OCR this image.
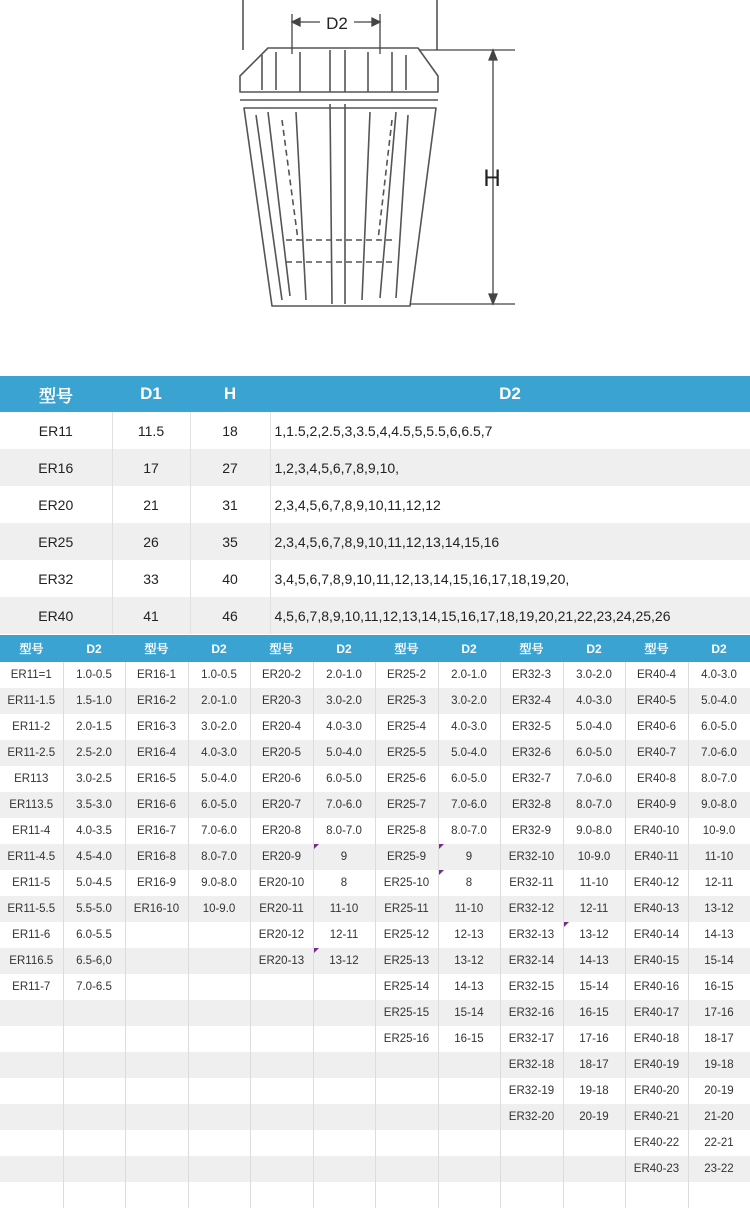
D2
H
型号	D1	H	D2
ER11	11.5	18	1,1.5,2,2.5,3,3.5,4,4.5,5,5.5,6,6.5,7
ER16	17	27	1,2,3,4,5,6,7,8,9,10,
ER20	21	31	2,3,4,5,6,7,8,9,10,11,12,12
ER25	26	35	2,3,4,5,6,7,8,9,10,11,12,13,14,15,16
ER32	33	40	3,4,5,6,7,8,9,10,11,12,13,14,15,16,17,18,19,20,
ER40	41	46	4,5,6,7,8,9,10,11,12,13,14,15,16,17,18,19,20,21,22,23,24,25,26
型号	D2	型号	D2	型号	D2	型号	D2	型号	D2	型号	D2
ER11=1	1.0-0.5	ER16-1	1.0-0.5	ER20-2	2.0-1.0	ER25-2	2.0-1.0	ER32-3	3.0-2.0	ER40-4	4.0-3.0
ER11-1.5	1.5-1.0	ER16-2	2.0-1.0	ER20-3	3.0-2.0	ER25-3	3.0-2.0	ER32-4	4.0-3.0	ER40-5	5.0-4.0
ER11-2	2.0-1.5	ER16-3	3.0-2.0	ER20-4	4.0-3.0	ER25-4	4.0-3.0	ER32-5	5.0-4.0	ER40-6	6.0-5.0
ER11-2.5	2.5-2.0	ER16-4	4.0-3.0	ER20-5	5.0-4.0	ER25-5	5.0-4.0	ER32-6	6.0-5.0	ER40-7	7.0-6.0
ER113	3.0-2.5	ER16-5	5.0-4.0	ER20-6	6.0-5.0	ER25-6	6.0-5.0	ER32-7	7.0-6.0	ER40-8	8.0-7.0
ER113.5	3.5-3.0	ER16-6	6.0-5.0	ER20-7	7.0-6.0	ER25-7	7.0-6.0	ER32-8	8.0-7.0	ER40-9	9.0-8.0
ER11-4	4.0-3.5	ER16-7	7.0-6.0	ER20-8	8.0-7.0	ER25-8	8.0-7.0	ER32-9	9.0-8.0	ER40-10	10-9.0
ER11-4.5	4.5-4.0	ER16-8	8.0-7.0	ER20-9	9	ER25-9	9	ER32-10	10-9.0	ER40-11	11-10
ER11-5	5.0-4.5	ER16-9	9.0-8.0	ER20-10	8	ER25-10	8	ER32-11	11-10	ER40-12	12-11
ER11-5.5	5.5-5.0	ER16-10	10-9.0	ER20-11	11-10	ER25-11	11-10	ER32-12	12-11	ER40-13	13-12
ER11-6	6.0-5.5			ER20-12	12-11	ER25-12	12-13	ER32-13	13-12	ER40-14	14-13
ER116.5	6.5-6,0			ER20-13	13-12	ER25-13	13-12	ER32-14	14-13	ER40-15	15-14
ER11-7	7.0-6.5					ER25-14	14-13	ER32-15	15-14	ER40-16	16-15
						ER25-15	15-14	ER32-16	16-15	ER40-17	17-16
						ER25-16	16-15	ER32-17	17-16	ER40-18	18-17
								ER32-18	18-17	ER40-19	19-18
								ER32-19	19-18	ER40-20	20-19
								ER32-20	20-19	ER40-21	21-20
										ER40-22	22-21
										ER40-23	23-22
